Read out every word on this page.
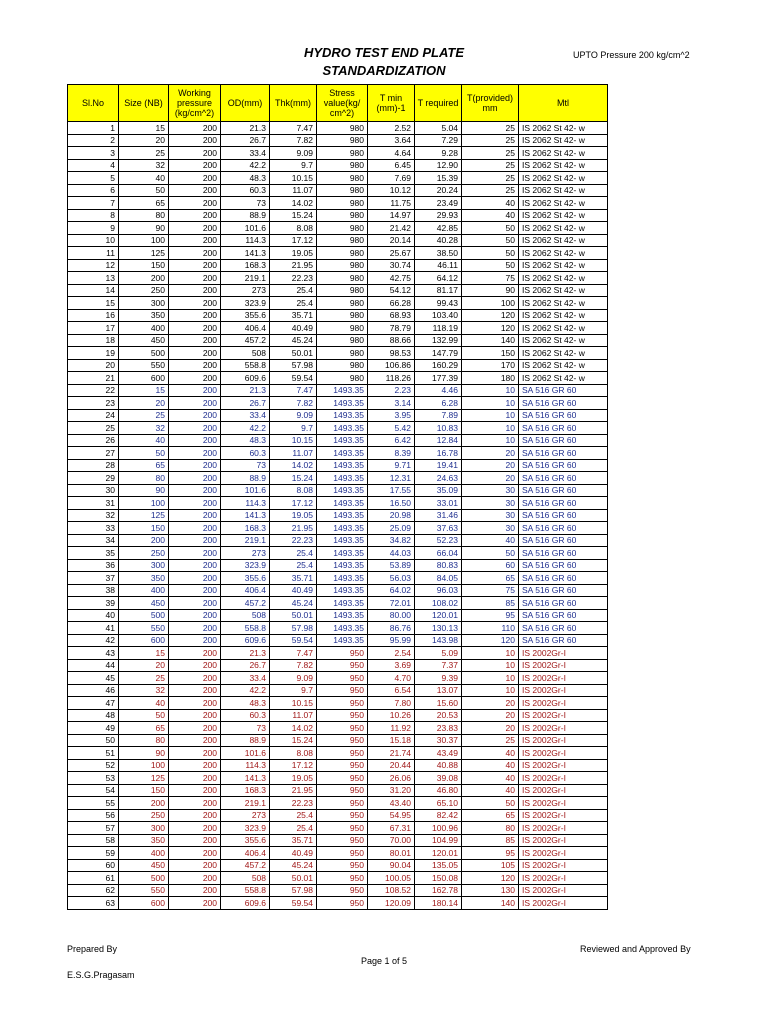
HYDRO TEST END PLATE
STANDARDIZATION
UPTO Pressure 200 kg/cm^2
Sl.No	Size (NB)	Working pressure (kg/cm^2)	OD(mm)	Thk(mm)	Stress value(kg/ cm^2)	T min (mm)-1	T required	T(provided) mm	Mtl
1	15	200	21.3	7.47	980	2.52	5.04	25	IS 2062 St 42- w
2	20	200	26.7	7.82	980	3.64	7.29	25	IS 2062 St 42- w
3	25	200	33.4	9.09	980	4.64	9.28	25	IS 2062 St 42- w
4	32	200	42.2	9.7	980	6.45	12.90	25	IS 2062 St 42- w
5	40	200	48.3	10.15	980	7.69	15.39	25	IS 2062 St 42- w
6	50	200	60.3	11.07	980	10.12	20.24	25	IS 2062 St 42- w
7	65	200	73	14.02	980	11.75	23.49	40	IS 2062 St 42- w
8	80	200	88.9	15.24	980	14.97	29.93	40	IS 2062 St 42- w
9	90	200	101.6	8.08	980	21.42	42.85	50	IS 2062 St 42- w
10	100	200	114.3	17.12	980	20.14	40.28	50	IS 2062 St 42- w
11	125	200	141.3	19.05	980	25.67	38.50	50	IS 2062 St 42- w
12	150	200	168.3	21.95	980	30.74	46.11	50	IS 2062 St 42- w
13	200	200	219.1	22.23	980	42.75	64.12	75	IS 2062 St 42- w
14	250	200	273	25.4	980	54.12	81.17	90	IS 2062 St 42- w
15	300	200	323.9	25.4	980	66.28	99.43	100	IS 2062 St 42- w
16	350	200	355.6	35.71	980	68.93	103.40	120	IS 2062 St 42- w
17	400	200	406.4	40.49	980	78.79	118.19	120	IS 2062 St 42- w
18	450	200	457.2	45.24	980	88.66	132.99	140	IS 2062 St 42- w
19	500	200	508	50.01	980	98.53	147.79	150	IS 2062 St 42- w
20	550	200	558.8	57.98	980	106.86	160.29	170	IS 2062 St 42- w
21	600	200	609.6	59.54	980	118.26	177.39	180	IS 2062 St 42- w
22	15	200	21.3	7.47	1493.35	2.23	4.46	10	SA 516 GR 60
23	20	200	26.7	7.82	1493.35	3.14	6.28	10	SA 516 GR 60
24	25	200	33.4	9.09	1493.35	3.95	7.89	10	SA 516 GR 60
25	32	200	42.2	9.7	1493.35	5.42	10.83	10	SA 516 GR 60
26	40	200	48.3	10.15	1493.35	6.42	12.84	10	SA 516 GR 60
27	50	200	60.3	11.07	1493.35	8.39	16.78	20	SA 516 GR 60
28	65	200	73	14.02	1493.35	9.71	19.41	20	SA 516 GR 60
29	80	200	88.9	15.24	1493.35	12.31	24.63	20	SA 516 GR 60
30	90	200	101.6	8.08	1493.35	17.55	35.09	30	SA 516 GR 60
31	100	200	114.3	17.12	1493.35	16.50	33.01	30	SA 516 GR 60
32	125	200	141.3	19.05	1493.35	20.98	31.46	30	SA 516 GR 60
33	150	200	168.3	21.95	1493.35	25.09	37.63	30	SA 516 GR 60
34	200	200	219.1	22.23	1493.35	34.82	52.23	40	SA 516 GR 60
35	250	200	273	25.4	1493.35	44.03	66.04	50	SA 516 GR 60
36	300	200	323.9	25.4	1493.35	53.89	80.83	60	SA 516 GR 60
37	350	200	355.6	35.71	1493.35	56.03	84.05	65	SA 516 GR 60
38	400	200	406.4	40.49	1493.35	64.02	96.03	75	SA 516 GR 60
39	450	200	457.2	45.24	1493.35	72.01	108.02	85	SA 516 GR 60
40	500	200	508	50.01	1493.35	80.00	120.01	95	SA 516 GR 60
41	550	200	558.8	57.98	1493.35	86.76	130.13	110	SA 516 GR 60
42	600	200	609.6	59.54	1493.35	95.99	143.98	120	SA 516 GR 60
43	15	200	21.3	7.47	950	2.54	5.09	10	IS 2002Gr-I
44	20	200	26.7	7.82	950	3.69	7.37	10	IS 2002Gr-I
45	25	200	33.4	9.09	950	4.70	9.39	10	IS 2002Gr-I
46	32	200	42.2	9.7	950	6.54	13.07	10	IS 2002Gr-I
47	40	200	48.3	10.15	950	7.80	15.60	20	IS 2002Gr-I
48	50	200	60.3	11.07	950	10.26	20.53	20	IS 2002Gr-I
49	65	200	73	14.02	950	11.92	23.83	20	IS 2002Gr-I
50	80	200	88.9	15.24	950	15.18	30.37	25	IS 2002Gr-I
51	90	200	101.6	8.08	950	21.74	43.49	40	IS 2002Gr-I
52	100	200	114.3	17.12	950	20.44	40.88	40	IS 2002Gr-I
53	125	200	141.3	19.05	950	26.06	39.08	40	IS 2002Gr-I
54	150	200	168.3	21.95	950	31.20	46.80	40	IS 2002Gr-I
55	200	200	219.1	22.23	950	43.40	65.10	50	IS 2002Gr-I
56	250	200	273	25.4	950	54.95	82.42	65	IS 2002Gr-I
57	300	200	323.9	25.4	950	67.31	100.96	80	IS 2002Gr-I
58	350	200	355.6	35.71	950	70.00	104.99	85	IS 2002Gr-I
59	400	200	406.4	40.49	950	80.01	120.01	95	IS 2002Gr-I
60	450	200	457.2	45.24	950	90.04	135.05	105	IS 2002Gr-I
61	500	200	508	50.01	950	100.05	150.08	120	IS 2002Gr-I
62	550	200	558.8	57.98	950	108.52	162.78	130	IS 2002Gr-I
63	600	200	609.6	59.54	950	120.09	180.14	140	IS 2002Gr-I
Prepared By
E.S.G.Pragasam
Page 1 of 5
Reviewed and Approved By
